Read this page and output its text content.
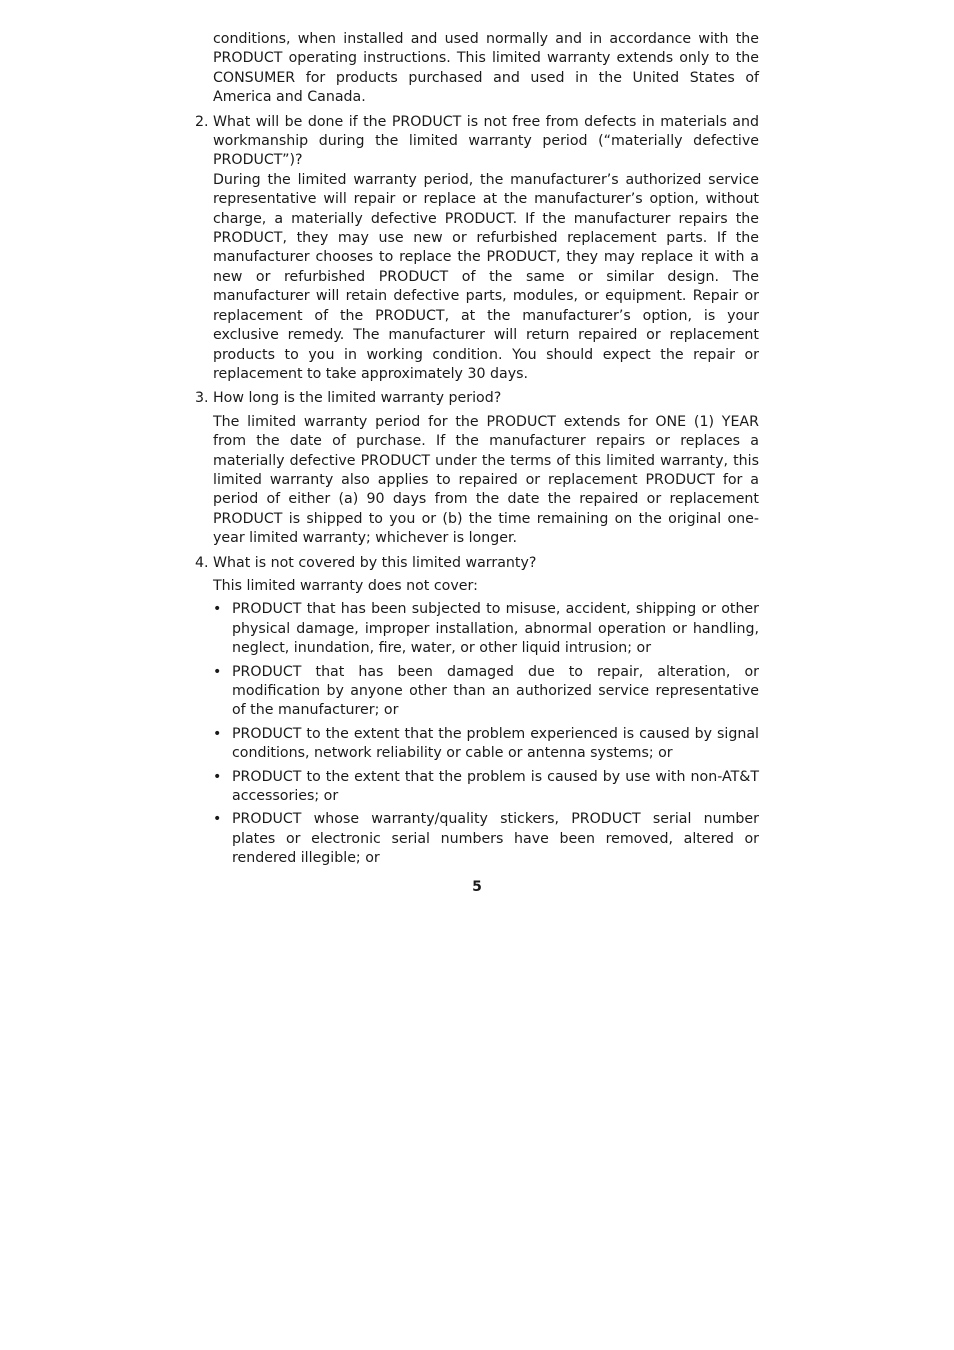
conditions, when installed and used normally and in accordance with the PRODUCT operating instructions. This limited warranty extends only to the CONSUMER for products purchased and used in the United States of America and Canada.

2. What will be done if the PRODUCT is not free from defects in materials and workmanship during the limited warranty period (“materially defective PRODUCT”)?

During the limited warranty period, the manufacturer’s authorized service representative will repair or replace at the manufacturer’s option, without charge, a materially defective PRODUCT. If the manufacturer repairs the PRODUCT, they may use new or refurbished replacement parts. If the manufacturer chooses to replace the PRODUCT, they may replace it with a new or refurbished PRODUCT of the same or similar design. The manufacturer will retain defective parts, modules, or equipment. Repair or replacement of the PRODUCT, at the manufacturer’s option, is your exclusive remedy. The manufacturer will return repaired or replacement products to you in working condition. You should expect the repair or replacement to take approximately 30 days.

3. How long is the limited warranty period?

The limited warranty period for the PRODUCT extends for ONE (1) YEAR from the date of purchase. If the manufacturer repairs or replaces a materially defective PRODUCT under the terms of this limited warranty, this limited warranty also applies to repaired or replacement PRODUCT for a period of either (a) 90 days from the date the repaired or replacement PRODUCT is shipped to you or (b) the time remaining on the original one-year limited warranty; whichever is longer.

4. What is not covered by this limited warranty?

This limited warranty does not cover:

• PRODUCT that has been subjected to misuse, accident, shipping or other physical damage, improper installation, abnormal operation or handling, neglect, inundation, fire, water, or other liquid intrusion; or
• PRODUCT that has been damaged due to repair, alteration, or modification by anyone other than an authorized service representative of the manufacturer; or
• PRODUCT to the extent that the problem experienced is caused by signal conditions, network reliability or cable or antenna systems; or
• PRODUCT to the extent that the problem is caused by use with non-AT&T accessories; or
• PRODUCT whose warranty/quality stickers, PRODUCT serial number plates or electronic serial numbers have been removed, altered or rendered illegible; or
5
